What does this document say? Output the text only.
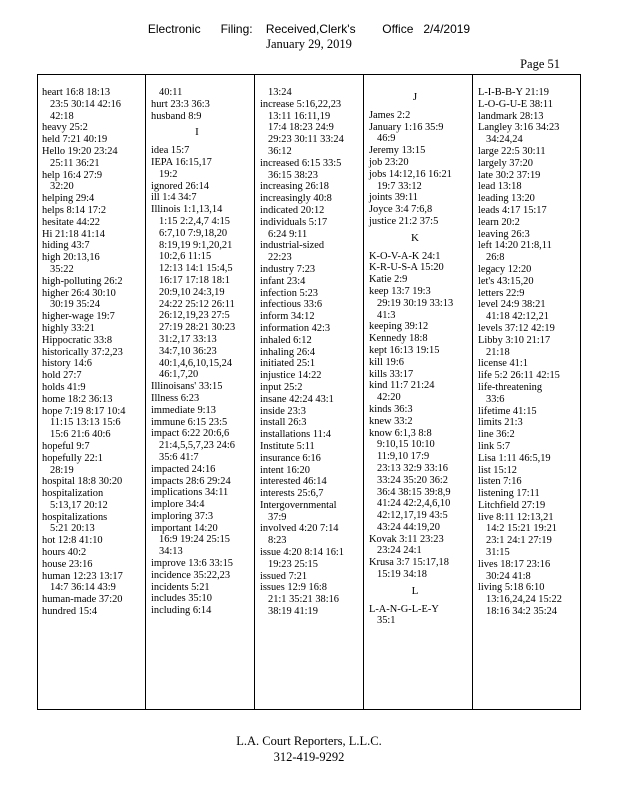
Electronic      Filing:    Received,Clerk's        Office   2/4/2019
January 29, 2019
Page 51
heart 16:8 18:13
23:5 30:14 42:16
42:18
heavy 25:2
held 7:21 40:19
Hello 19:20 23:24
25:11 36:21
help 16:4 27:9
32:20
helping 29:4
helps 8:14 17:2
hesitate 44:22
Hi 21:18 41:14
hiding 43:7
high 20:13,16
35:22
high-polluting 26:2
higher 26:4 30:10
30:19 35:24
higher-wage 19:7
highly 33:21
Hippocratic 33:8
historically 37:2,23
history 14:6
hold 27:7
holds 41:9
home 18:2 36:13
hope 7:19 8:17 10:4
11:15 13:13 15:6
15:6 21:6 40:6
hopeful 9:7
hopefully 22:1
28:19
hospital 18:8 30:20
hospitalization
5:13,17 20:12
hospitalizations
5:21 20:13
hot 12:8 41:10
hours 40:2
house 23:16
human 12:23 13:17
14:7 36:14 43:9
human-made 37:20
hundred 15:4
40:11
hurt 23:3 36:3
husband 8:9
I
idea 15:7
IEPA 16:15,17
19:2
ignored 26:14
ill 1:4 34:7
Illinois 1:1,13,14
1:15 2:2,4,7 4:15
6:7,10 7:9,18,20
8:19,19 9:1,20,21
10:2,6 11:15
12:13 14:1 15:4,5
16:17 17:18 18:1
20:9,10 24:3,19
24:22 25:12 26:11
26:12,19,23 27:5
27:19 28:21 30:23
31:2,17 33:13
34:7,10 36:23
40:1,4,6,10,15,24
46:1,7,20
Illinoisans' 33:15
Illness 6:23
immediate 9:13
immune 6:15 23:5
impact 6:22 20:6,6
21:4,5,5,7,23 24:6
35:6 41:7
impacted 24:16
impacts 28:6 29:24
implications 34:11
implore 34:4
imploring 37:3
important 14:20
16:9 19:24 25:15
34:13
improve 13:6 33:15
incidence 35:22,23
incidents 5:21
includes 35:10
including 6:14
13:24
increase 5:16,22,23
13:11 16:11,19
17:4 18:23 24:9
29:23 30:11 33:24
36:12
increased 6:15 33:5
36:15 38:23
increasing 26:18
increasingly 40:8
indicated 20:12
individuals 5:17
6:24 9:11
industrial-sized
22:23
industry 7:23
infant 23:4
infection 5:23
infectious 33:6
inform 34:12
information 42:3
inhaled 6:12
inhaling 26:4
initiated 25:1
injustice 14:22
input 25:2
insane 42:24 43:1
inside 23:3
install 26:3
installations 11:4
Institute 5:11
insurance 6:16
intent 16:20
interested 46:14
interests 25:6,7
Intergovernmental
37:9
involved 4:20 7:14
8:23
issue 4:20 8:14 16:1
19:23 25:15
issued 7:21
issues 12:9 16:8
21:1 35:21 38:16
38:19 41:19
J
James 2:2
January 1:16 35:9
46:9
Jeremy 13:15
job 23:20
jobs 14:12,16 16:21
19:7 33:12
joints 39:11
Joyce 3:4 7:6,8
justice 21:2 37:5
K
K-O-V-A-K 24:1
K-R-U-S-A 15:20
Katie 2:9
keep 13:7 19:3
29:19 30:19 33:13
41:3
keeping 39:12
Kennedy 18:8
kept 16:13 19:15
kill 19:6
kills 33:17
kind 11:7 21:24
42:20
kinds 36:3
knew 33:2
know 6:1,3 8:8
9:10,15 10:10
11:9,10 17:9
23:13 32:9 33:16
33:24 35:20 36:2
36:4 38:15 39:8,9
41:24 42:2,4,6,10
42:12,17,19 43:5
43:24 44:19,20
Kovak 3:11 23:23
23:24 24:1
Krusa 3:7 15:17,18
15:19 34:18
L
L-A-N-G-L-E-Y
35:1
L-I-B-B-Y 21:19
L-O-G-U-E 38:11
landmark 28:13
Langley 3:16 34:23
34:24,24
large 22:5 30:11
largely 37:20
late 30:2 37:19
lead 13:18
leading 13:20
leads 4:17 15:17
learn 20:2
leaving 26:3
left 14:20 21:8,11
26:8
legacy 12:20
let's 43:15,20
letters 22:9
level 24:9 38:21
41:18 42:12,21
levels 37:12 42:19
Libby 3:10 21:17
21:18
license 41:1
life 5:2 26:11 42:15
life-threatening
33:6
lifetime 41:15
limits 21:3
line 36:2
link 5:7
Lisa 1:11 46:5,19
list 15:12
listen 7:16
listening 17:11
Litchfield 27:19
live 8:11 12:13,21
14:2 15:21 19:21
23:1 24:1 27:19
31:15
lives 18:17 23:16
30:24 41:8
living 5:18 6:10
13:16,24,24 15:22
18:16 34:2 35:24
L.A. Court Reporters, L.L.C.
312-419-9292
